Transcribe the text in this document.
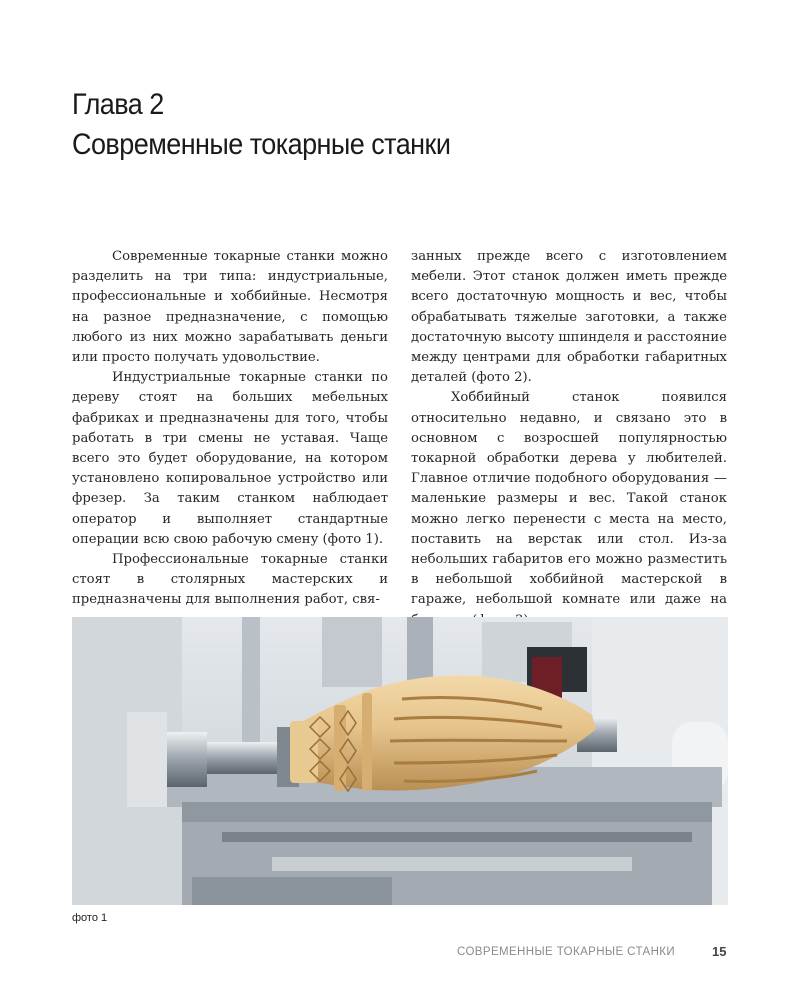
Глава 2
Современные токарные станки

Современные токарные станки можно разделить на три типа: индустриальные, профессиональные и хоббийные. Несмотря на разное предназначение, с помощью любого из них можно зарабатывать деньги или просто получать удовольствие.

Индустриальные токарные станки по дереву стоят на больших мебельных фабриках и предназначены для того, чтобы работать в три смены не уставая. Чаще всего это будет оборудование, на котором установлено копировальное устройство или фрезер. За таким станком наблюдает оператор и выполняет стандартные операции всю свою рабочую смену (фото 1).

Профессиональные токарные станки стоят в столярных мастерских и предназначены для выполнения работ, свя-

занных прежде всего с изготовлением мебели. Этот станок должен иметь прежде всего достаточную мощность и вес, чтобы обрабатывать тяжелые заготовки, а также достаточную высоту шпинделя и расстояние между центрами для обработки габаритных деталей (фото 2).

Хоббийный станок появился относительно недавно, и связано это в основном с возросшей популярностью токарной обработки дерева у любителей. Главное отличие подобного оборудования — маленькие размеры и вес. Такой станок можно легко перенести с места на место, поставить на верстак или стол. Из-за небольших габаритов его можно разместить в небольшой хоббийной мастерской в гараже, небольшой комнате или даже на

фото 1

СОВРЕМЕННЫЕ ТОКАРНЫЕ СТАНКИ	15
